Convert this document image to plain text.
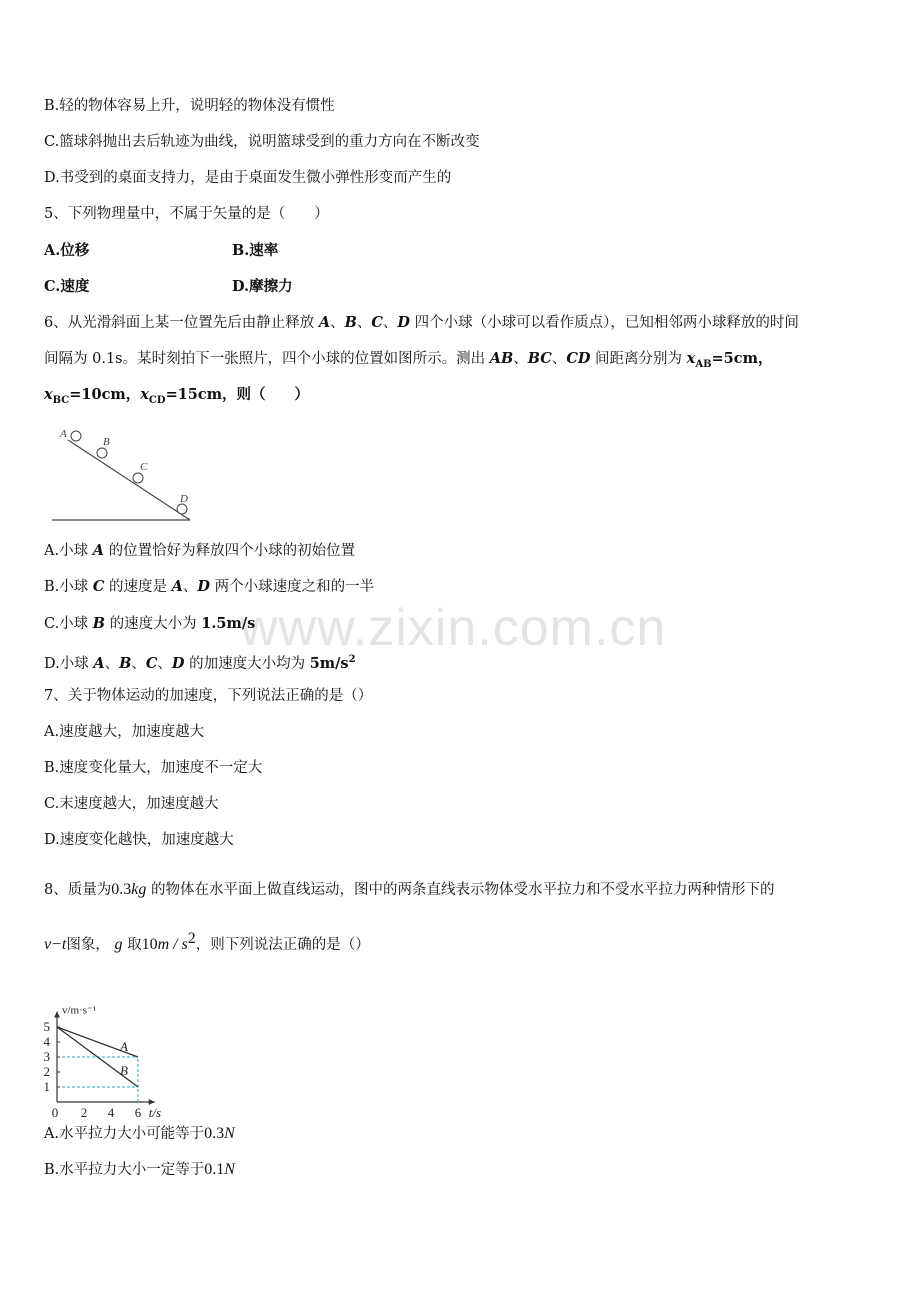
www.zixin.com.cn
B.轻的物体容易上升，说明轻的物体没有惯性
C.篮球斜抛出去后轨迹为曲线，说明篮球受到的重力方向在不断改变
D.书受到的桌面支持力，是由于桌面发生微小弹性形变而产生的
5、下列物理量中，不属于矢量的是（　　）
A.位移	B.速率
C.速度	D.摩擦力
6、从光滑斜面上某一位置先后由静止释放 A、B、C、D 四个小球（小球可以看作质点），已知相邻两小球释放的时间
间隔为 0.1s。某时刻拍下一张照片，四个小球的位置如图所示。测出 AB、BC、CD 间距离分别为 $x_{AB}=5cm$，
$x_{BC}=10cm$，$x_{CD}=15cm$，则（　　）
A
B
C
D
A.小球 A 的位置恰好为释放四个小球的初始位置
B.小球 C 的速度是 A、D 两个小球速度之和的一半
C.小球 B 的速度大小为 1.5m/s
D.小球 A、B、C、D 的加速度大小均为 $5m/s^2$
7、关于物体运动的加速度，下列说法正确的是（）
A.速度越大，加速度越大
B.速度变化量大，加速度不一定大
C.末速度越大，加速度越大
D.速度变化越快，加速度越大
8、质量为0.3kg 的物体在水平面上做直线运动，图中的两条直线表示物体受水平拉力和不受水平拉力两种情形下的
v−t图象， g 取$10m / s^2$，则下列说法正确的是（）
A
B
0 2 4 6
1
2
3
4
5
t/s
v/m·s⁻¹
A.水平拉力大小可能等于0.3N
B.水平拉力大小一定等于0.1N
